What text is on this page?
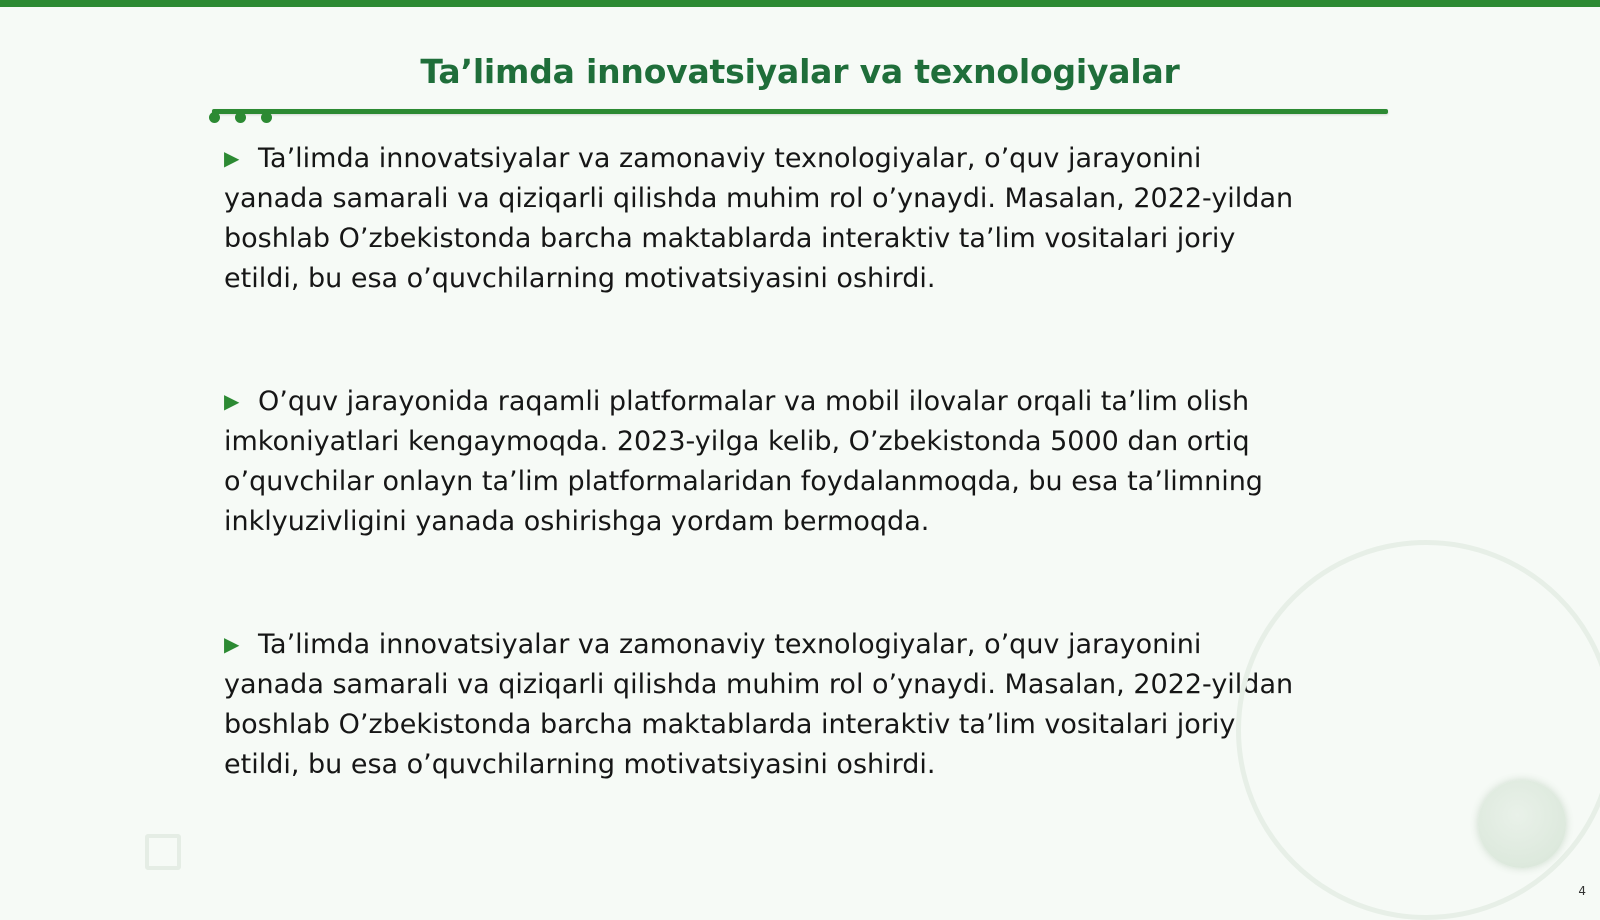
Ta’limda innovatsiyalar va texnologiyalar

▶ Ta’limda innovatsiyalar va zamonaviy texnologiyalar, o’quv jarayonini yanada samarali va qiziqarli qilishda muhim rol o’ynaydi. Masalan, 2022-yildan boshlab O’zbekistonda barcha maktablarda interaktiv ta’lim vositalari joriy etildi, bu esa o’quvchilarning motivatsiyasini oshirdi.

▶ O’quv jarayonida raqamli platformalar va mobil ilovalar orqali ta’lim olish imkoniyatlari kengaymoqda. 2023-yilga kelib, O’zbekistonda 5000 dan ortiq o’quvchilar onlayn ta’lim platformalaridan foydalanmoqda, bu esa ta’limning inklyuzivligini yanada oshirishga yordam bermoqda.

▶ Ta’limda innovatsiyalar va zamonaviy texnologiyalar, o’quv jarayonini yanada samarali va qiziqarli qilishda muhim rol o’ynaydi. Masalan, 2022-yildan boshlab O’zbekistonda barcha maktablarda interaktiv ta’lim vositalari joriy etildi, bu esa o’quvchilarning motivatsiyasini oshirdi.

4
